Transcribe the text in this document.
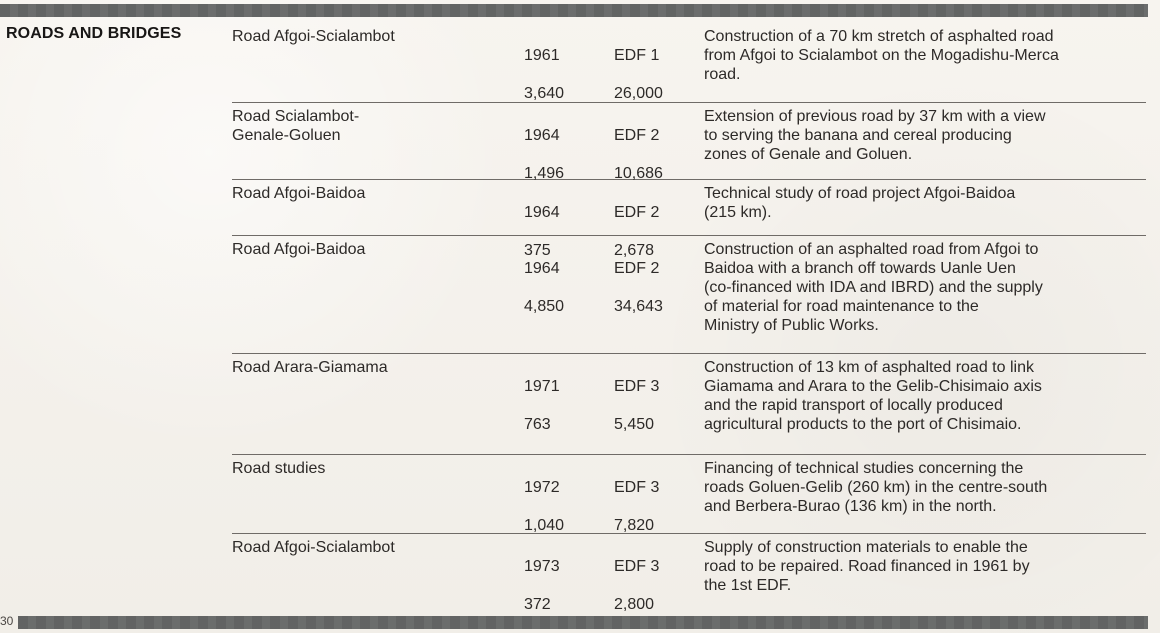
ROADS AND BRIDGES	Road Afgoi-Scialambot

1961

3,640

EDF 1

26,000

Construction of a 70 km stretch of asphalted road
from Afgoi to Scialambot on the Mogadishu-Merca
road.
Road Scialambot-
Genale-Goluen	1964

1,496

EDF 2

10,686

Extension of previous road by 37 km with a view
to serving the banana and cereal producing
zones of Genale and Goluen.
Road Afgoi-Baidoa

1964

375

EDF 2

2,678

Technical study of road project Afgoi-Baidoa
(215 km).
Road Afgoi-Baidoa

1964

4,850

EDF 2

34,643

Construction of an asphalted road from Afgoi to
Baidoa with a branch off towards Uanle Uen
(co-financed with IDA and IBRD) and the supply
of material for road maintenance to the
Ministry of Public Works.
Road Arara-Giamama

1971

763

EDF 3

5,450

Construction of 13 km of asphalted road to link
Giamama and Arara to the Gelib-Chisimaio axis
and the rapid transport of locally produced
agricultural products to the port of Chisimaio.
Road studies

1972

1,040

EDF 3

7,820

Financing of technical studies concerning the
roads Goluen-Gelib (260 km) in the centre-south
and Berbera-Burao (136 km) in the north.
Road Afgoi-Scialambot

1973

372

EDF 3

2,800

Supply of construction materials to enable the
road to be repaired. Road financed in 1961 by
the 1st EDF.
30
